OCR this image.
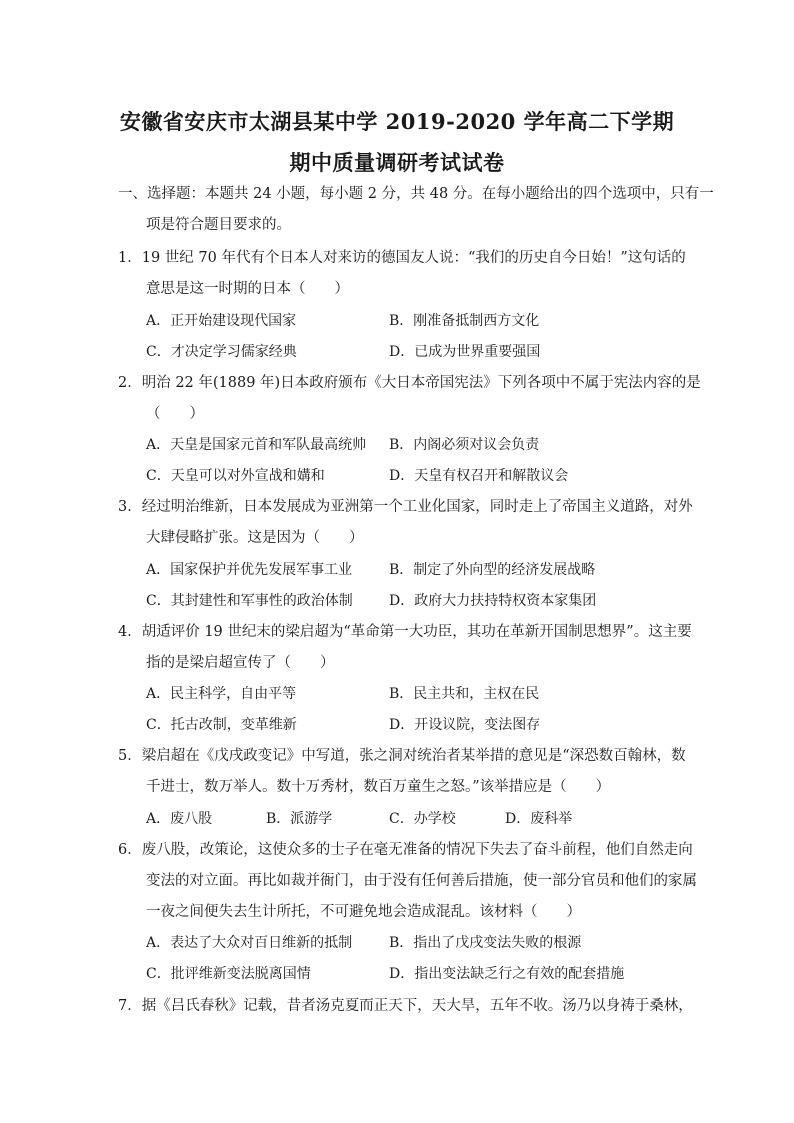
安徽省安庆市太湖县某中学 2019-2020 学年高二下学期
期中质量调研考试试卷
一、选择题：本题共 24 小题，每小题 2 分，共 48 分。在每小题给出的四个选项中，只有一
项是符合题目要求的。
1．19 世纪 70 年代有个日本人对来访的德国友人说：“我们的历史自今日始！”这句话的
意思是这一时期的日本（　　）
A．正开始建设现代国家	B．刚准备抵制西方文化
C．才决定学习儒家经典	D．已成为世界重要强国
2．明治 22 年(1889 年)日本政府颁布《大日本帝国宪法》下列各项中不属于宪法内容的是
（　　）
A．天皇是国家元首和军队最高统帅 B．内阁必须对议会负责
C．天皇可以对外宣战和媾和	D．天皇有权召开和解散议会
3．经过明治维新，日本发展成为亚洲第一个工业化国家，同时走上了帝国主义道路，对外
大肆侵略扩张。这是因为（　　）
A．国家保护并优先发展军事工业	B．制定了外向型的经济发展战略
C．其封建性和军事性的政治体制	D．政府大力扶持特权资本家集团
4．胡适评价 19 世纪末的梁启超为“革命第一大功臣，其功在革新开国制思想界”。这主要
指的是梁启超宣传了（　　）
A．民主科学，自由平等	B．民主共和，主权在民
C．托古改制，变革维新	D．开设议院，变法图存
5．梁启超在《戊戌政变记》中写道，张之洞对统治者某举措的意见是“深恐数百翰林，数
千进士，数万举人。数十万秀材，数百万童生之怒。”该举措应是（　　）
A．废八股	B．派游学	C．办学校	D．废科举
6．废八股，改策论，这使众多的士子在毫无准备的情况下失去了奋斗前程，他们自然走向
变法的对立面。再比如裁并衙门，由于没有任何善后措施，使一部分官员和他们的家属
一夜之间便失去生计所托，不可避免地会造成混乱。该材料（　　）
A．表达了大众对百日维新的抵制	B．指出了戊戌变法失败的根源
C．批评维新变法脱离国情	D．指出变法缺乏行之有效的配套措施
7．据《吕氏春秋》记载，昔者汤克夏而正天下，天大旱，五年不收。汤乃以身祷于桑林，
